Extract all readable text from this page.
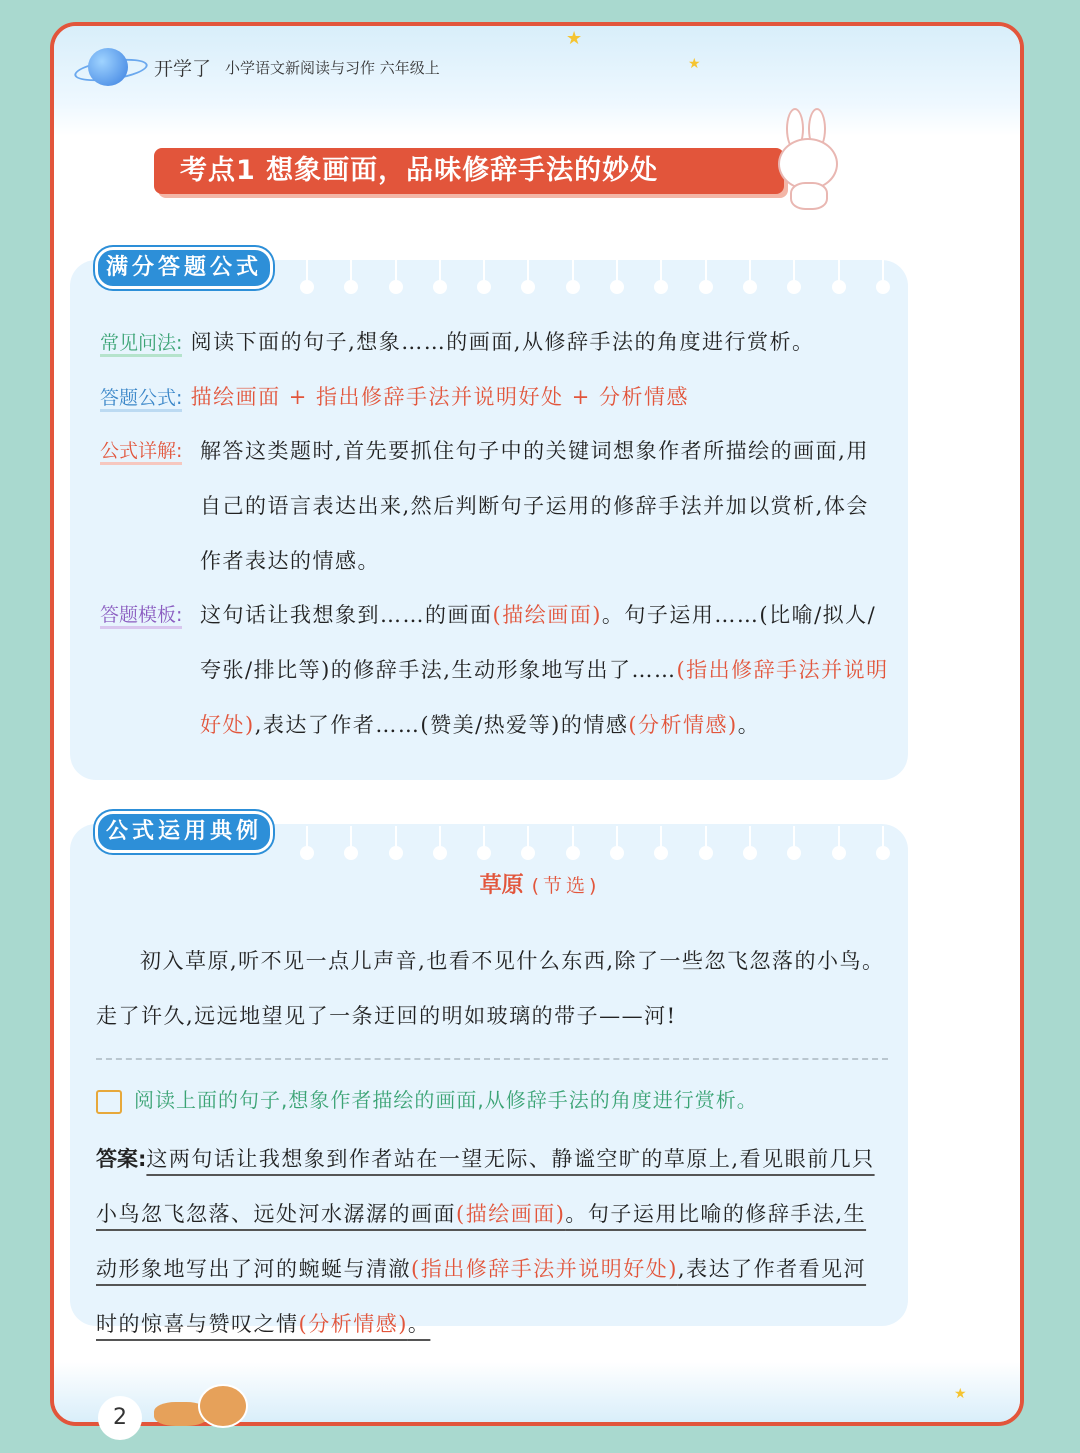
开学了 小学语文新阅读与习作 六年级上
★
★
★
考点1 想象画面，品味修辞手法的妙处
满分答题公式
常见问法: 阅读下面的句子,想象……的画面,从修辞手法的角度进行赏析。
答题公式: 描绘画面 + 指出修辞手法并说明好处 + 分析情感
公式详解: 解答这类题时,首先要抓住句子中的关键词想象作者所描绘的画面,用自己的语言表达出来,然后判断句子运用的修辞手法并加以赏析,体会作者表达的情感。
答题模板: 这句话让我想象到……的画面(描绘画面)。句子运用……(比喻/拟人/夸张/排比等)的修辞手法,生动形象地写出了……(指出修辞手法并说明好处),表达了作者……(赞美/热爱等)的情感(分析情感)。
公式运用典例
草原 (节选)
初入草原,听不见一点儿声音,也看不见什么东西,除了一些忽飞忽落的小鸟。走了许久,远远地望见了一条迂回的明如玻璃的带子——河!
阅读上面的句子,想象作者描绘的画面,从修辞手法的角度进行赏析。
答案:这两句话让我想象到作者站在一望无际、静谧空旷的草原上,看见眼前几只小鸟忽飞忽落、远处河水潺潺的画面(描绘画面)。句子运用比喻的修辞手法,生动形象地写出了河的蜿蜒与清澈(指出修辞手法并说明好处),表达了作者看见河时的惊喜与赞叹之情(分析情感)。
2
